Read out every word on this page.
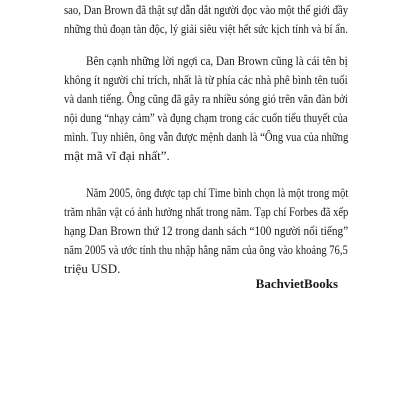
sao, Dan Brown đã thật sự dẫn dắt người đọc vào một thế giới đầy
những thủ đoạn tàn độc, lý giải siêu việt hết sức kịch tính và bí ẩn.
Bên cạnh những lời ngợi ca, Dan Brown cũng là cái tên bị
không ít người chỉ trích, nhất là từ phía các nhà phê bình tên tuổi
và danh tiếng. Ông cũng đã gây ra nhiều sóng gió trên văn đàn bởi
nội dung “nhạy cảm” và đụng chạm trong các cuốn tiểu thuyết của
mình. Tuy nhiên, ông vẫn được mệnh danh là “Ông vua của những
mật mã vĩ đại nhất”.
Năm 2005, ông được tạp chí Time bình chọn là một trong một
trăm nhân vật có ảnh hưởng nhất trong năm. Tạp chí Forbes đã xếp
hạng Dan Brown thứ 12 trong danh sách “100 người nổi tiếng”
năm 2005 và ước tính thu nhập hằng năm của ông vào khoảng 76,5
triệu USD.
BachvietBooks
